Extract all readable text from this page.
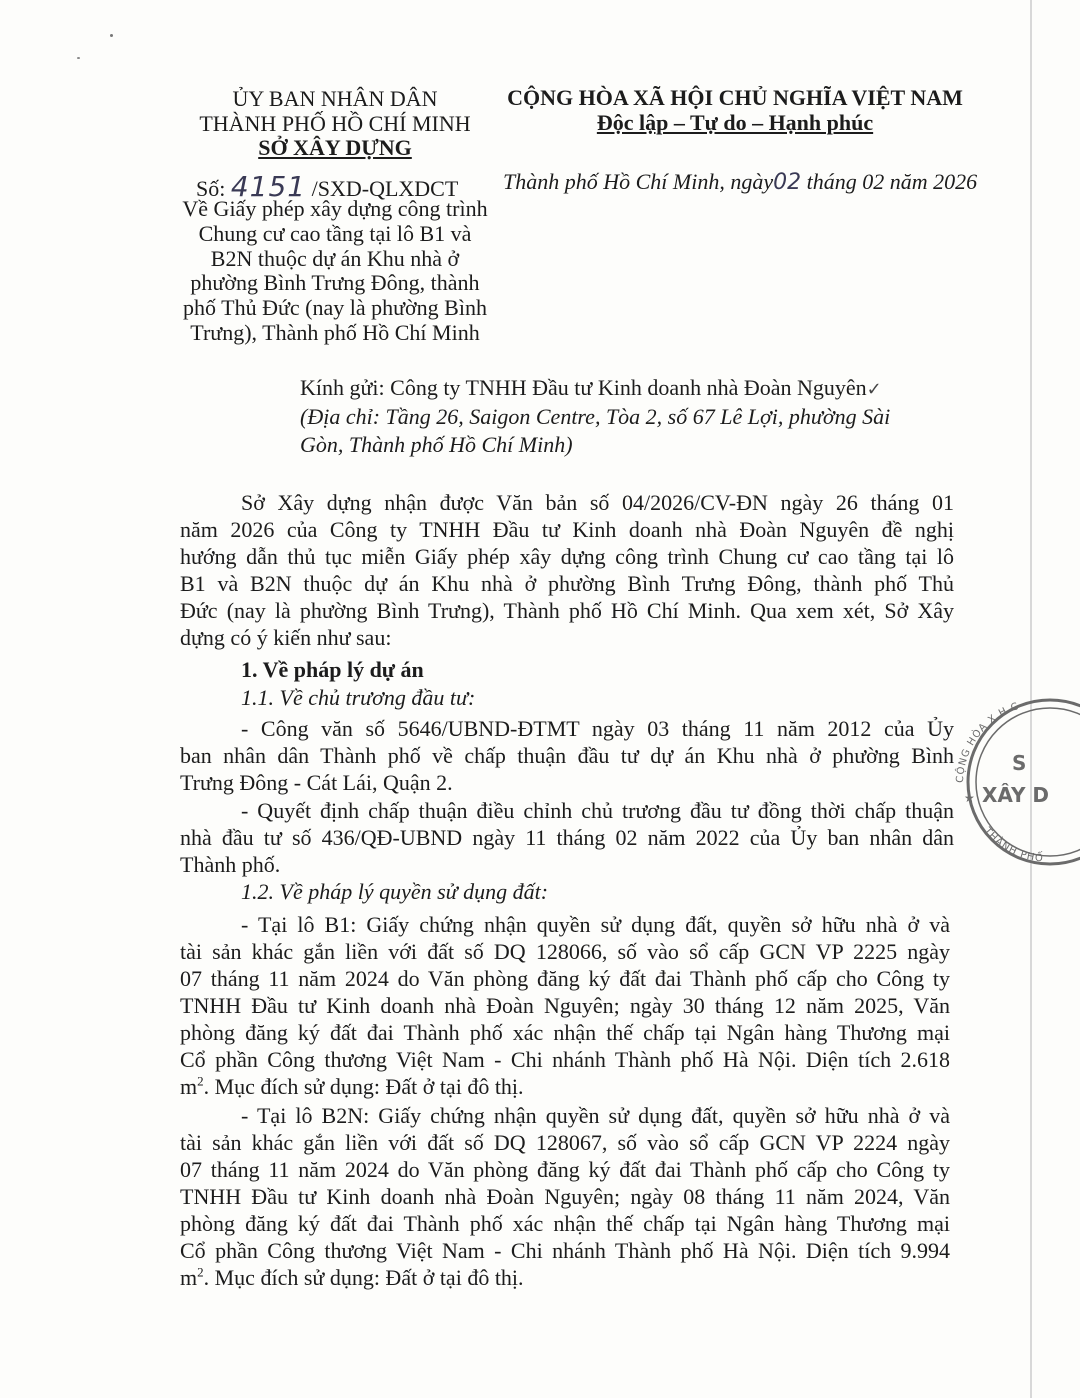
ỦY BAN NHÂN DÂN
THÀNH PHỐ HỒ CHÍ MINH
SỞ XÂY DỰNG
CỘNG HÒA XÃ HỘI CHỦ NGHĨA VIỆT NAM
Độc lập – Tự do – Hạnh phúc
Số: 4151 /SXD-QLXDCT Thành phố Hồ Chí Minh, ngày02 tháng 02 năm 2026
Về Giấy phép xây dựng công trình
Chung cư cao tầng tại lô B1 và
B2N thuộc dự án Khu nhà ở
phường Bình Trưng Đông, thành
phố Thủ Đức (nay là phường Bình
Trưng), Thành phố Hồ Chí Minh
Kính gửi: Công ty TNHH Đầu tư Kinh doanh nhà Đoàn Nguyên✓
(Địa chỉ: Tầng 26, Saigon Centre, Tòa 2, số 67 Lê Lợi, phường Sài
Gòn, Thành phố Hồ Chí Minh)
Sở Xây dựng nhận được Văn bản số 04/2026/CV-ĐN ngày 26 tháng 01
năm 2026 của Công ty TNHH Đầu tư Kinh doanh nhà Đoàn Nguyên đề nghị
hướng dẫn thủ tục miễn Giấy phép xây dựng công trình Chung cư cao tầng tại lô
B1 và B2N thuộc dự án Khu nhà ở phường Bình Trưng Đông, thành phố Thủ
Đức (nay là phường Bình Trưng), Thành phố Hồ Chí Minh. Qua xem xét, Sở Xây
dựng có ý kiến như sau:
1. Về pháp lý dự án
1.1. Về chủ trương đầu tư:
- Công văn số 5646/UBND-ĐTMT ngày 03 tháng 11 năm 2012 của Ủy
ban nhân dân Thành phố về chấp thuận đầu tư dự án Khu nhà ở phường Bình
Trưng Đông - Cát Lái, Quận 2.
- Quyết định chấp thuận điều chỉnh chủ trương đầu tư đồng thời chấp thuận
nhà đầu tư số 436/QĐ-UBND ngày 11 tháng 02 năm 2022 của Ủy ban nhân dân
Thành phố.
1.2. Về pháp lý quyền sử dụng đất:
- Tại lô B1: Giấy chứng nhận quyền sử dụng đất, quyền sở hữu nhà ở và
tài sản khác gắn liền với đất số DQ 128066, số vào sổ cấp GCN VP 2225 ngày
07 tháng 11 năm 2024 do Văn phòng đăng ký đất đai Thành phố cấp cho Công ty
TNHH Đầu tư Kinh doanh nhà Đoàn Nguyên; ngày 30 tháng 12 năm 2025, Văn
phòng đăng ký đất đai Thành phố xác nhận thế chấp tại Ngân hàng Thương mại
Cổ phần Công thương Việt Nam - Chi nhánh Thành phố Hà Nội. Diện tích 2.618
$m^2$. Mục đích sử dụng: Đất ở tại đô thị.
- Tại lô B2N: Giấy chứng nhận quyền sử dụng đất, quyền sở hữu nhà ở và
tài sản khác gắn liền với đất số DQ 128067, số vào sổ cấp GCN VP 2224 ngày
07 tháng 11 năm 2024 do Văn phòng đăng ký đất đai Thành phố cấp cho Công ty
TNHH Đầu tư Kinh doanh nhà Đoàn Nguyên; ngày 08 tháng 11 năm 2024, Văn
phòng đăng ký đất đai Thành phố xác nhận thế chấp tại Ngân hàng Thương mại
Cổ phần Công thương Việt Nam - Chi nhánh Thành phố Hà Nội. Diện tích 9.994
$m^2$. Mục đích sử dụng: Đất ở tại đô thị.
CỘNG HÒA X.H.C
THÀNH PHỐ
★
S
XÂY D
